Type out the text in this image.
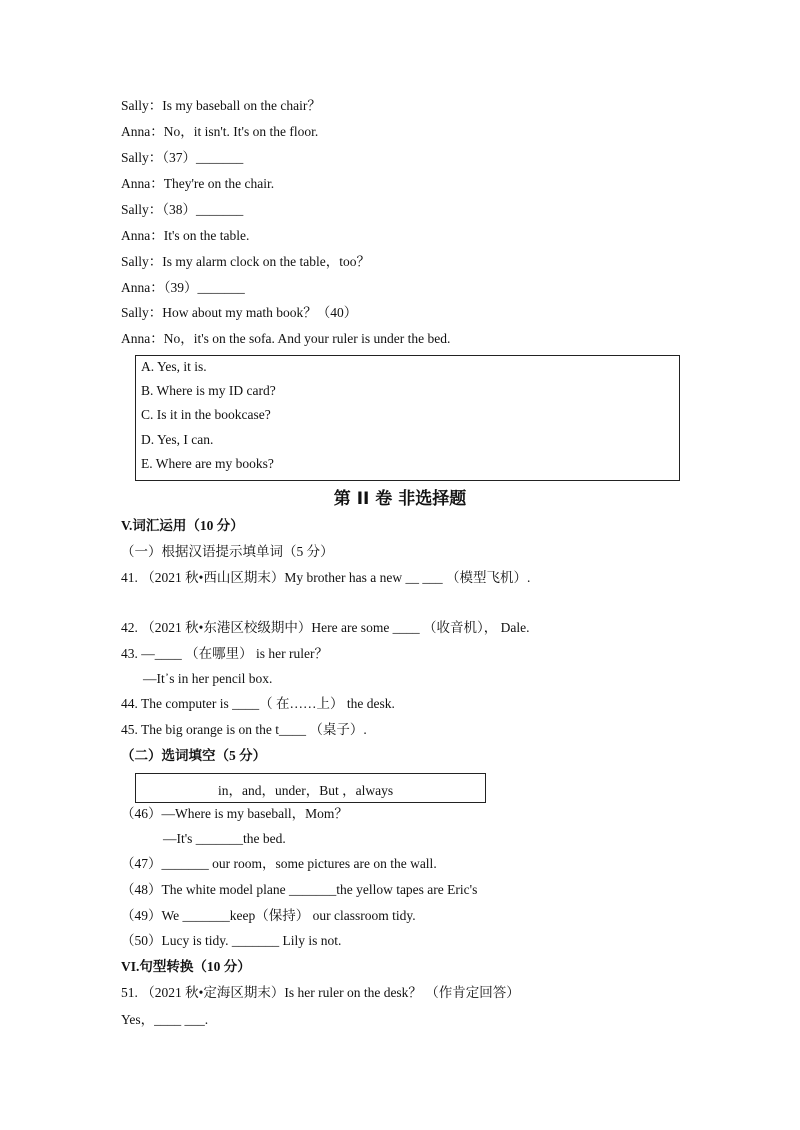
Sally：Is my baseball on the chair？
Anna：No，it isn't. It's on the floor.
Sally：（37）_______
Anna：They're on the chair.
Sally：（38）_______
Anna：It's on the table.
Sally：Is my alarm clock on the table，too？
Anna：（39）_______
Sally：How about my math book？（40）
Anna：No，it's on the sofa. And your ruler is under the bed.
A. Yes, it is.
B. Where is my ID card?
C. Is it in the bookcase?
D. Yes, I can.
E. Where are my books?
第 II 卷 非选择题
V.词汇运用（10 分）
（一）根据汉语提示填单词（5 分）
41. （2021 秋•西山区期末）My brother has a new __ ___ （模型飞机）.
42. （2021 秋•东港区校级期中）Here are some ____ （收音机）， Dale.
43. —____ （在哪里） is her ruler？
—It᾿s in her pencil box.
44. The computer is ____（ 在……上） the desk.
45. The big orange is on the t____ （桌子）.
（二）选词填空（5 分）
in，and，under，But ，always
（46）—Where is my baseball，Mom？
—It's _______the bed.
（47）_______ our room，some pictures are on the wall.
（48）The white model plane _______the yellow tapes are Eric's
（49）We _______keep（保持） our classroom tidy.
（50）Lucy is tidy. _______ Lily is not.
VI.句型转换（10 分）
51. （2021 秋•定海区期末）Is her ruler on the desk？ （作肯定回答）
Yes，____ ___.
